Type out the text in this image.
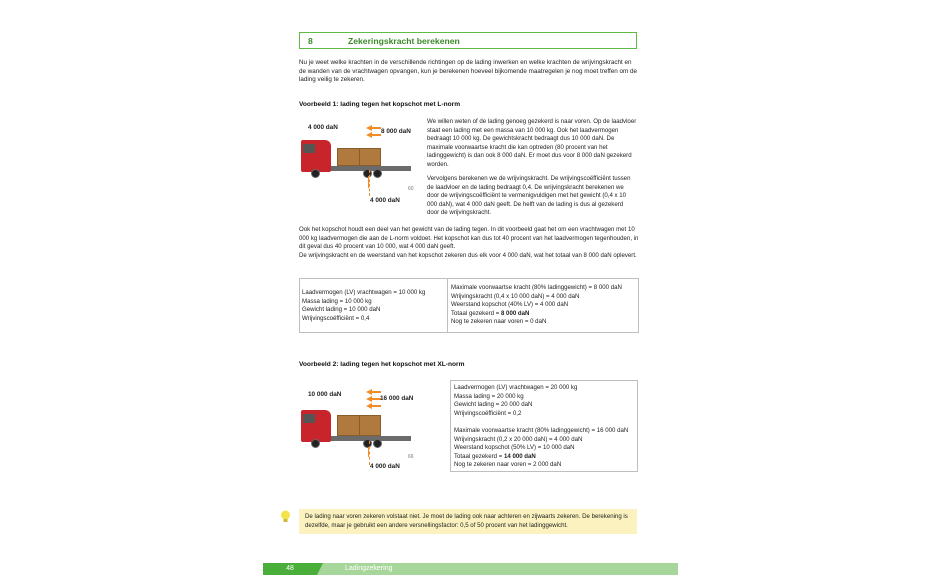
8	Zekeringskracht berekenen
Nu je weet welke krachten in de verschillende richtingen op de lading inwerken en welke krachten de wrijvingskracht en de wanden van de vrachtwagen opvangen, kun je berekenen hoeveel bijkomende maatregelen je nog moet treffen om de lading veilig te zekeren.
Voorbeeld 1: lading tegen het kopschot met L-norm
4 000 daN
8 000 daN
4 000 daN
60
We willen weten of de lading genoeg gezekerd is naar voren. Op de laadvloer staat een lading met een massa van 10 000 kg. Ook het laadvermogen bedraagt 10 000 kg. De gewichtskracht bedraagt dus 10 000 daN. De maximale voorwaartse kracht die kan optreden (80 procent van het ladinggewicht) is dan ook 8 000 daN. Er moet dus voor 8 000 daN gezekerd worden.
Vervolgens berekenen we de wrijvingskracht. De wrijvingscoëfficiënt tussen de laadvloer en de lading bedraagt 0,4. De wrijvingskracht berekenen we door de wrijvingscoëfficiënt te vermenigvuldigen met het gewicht (0,4 x 10 000 daN), wat 4 000 daN geeft. De helft van de lading is dus al gezekerd door de wrijvingskracht.
Ook het kopschot houdt een deel van het gewicht van de lading tegen. In dit voorbeeld gaat het om een vrachtwagen met 10 000 kg laadvermogen die aan de L-norm voldoet. Het kopschot kan dus tot 40 procent van het laadvermogen tegenhouden, in dit geval dus 40 procent van 10 000, wat 4 000 daN geeft.
De wrijvingskracht en de weerstand van het kopschot zekeren dus elk voor 4 000 daN, wat het totaal van 8 000 daN oplevert.
Laadvermogen (LV) vrachtwagen = 10 000 kg
Massa lading = 10 000 kg
Gewicht lading = 10 000 daN
Wrijvingscoëfficiënt = 0,4
Maximale voorwaartse kracht (80% ladinggewicht) = 8 000 daN
Wrijvingskracht (0,4 x 10 000 daN) = 4 000 daN
Weerstand kopschot (40% LV) = 4 000 daN
Totaal gezekerd = 8 000 daN
Nog te zekeren naar voren = 0 daN
Voorbeeld 2: lading tegen het kopschot met XL-norm
10 000 daN
16 000 daN
4 000 daN
66
Laadvermogen (LV) vrachtwagen = 20 000 kg
Massa lading = 20 000 kg
Gewicht lading = 20 000 daN
Wrijvingscoëfficiënt = 0,2
Maximale voorwaartse kracht (80% ladinggewicht) = 16 000 daN
Wrijvingskracht (0,2 x 20 000 daN) = 4 000 daN
Weerstand kopschot (50% LV) = 10 000 daN
Totaal gezekerd = 14 000 daN
Nog te zekeren naar voren = 2 000 daN
De lading naar voren zekeren volstaat niet. Je moet de lading ook naar achteren en zijwaarts zekeren. De berekening is dezelfde, maar je gebruikt een andere versnellingsfactor: 0,5 of 50 procent van het ladinggewicht.
48	Ladingzekering
